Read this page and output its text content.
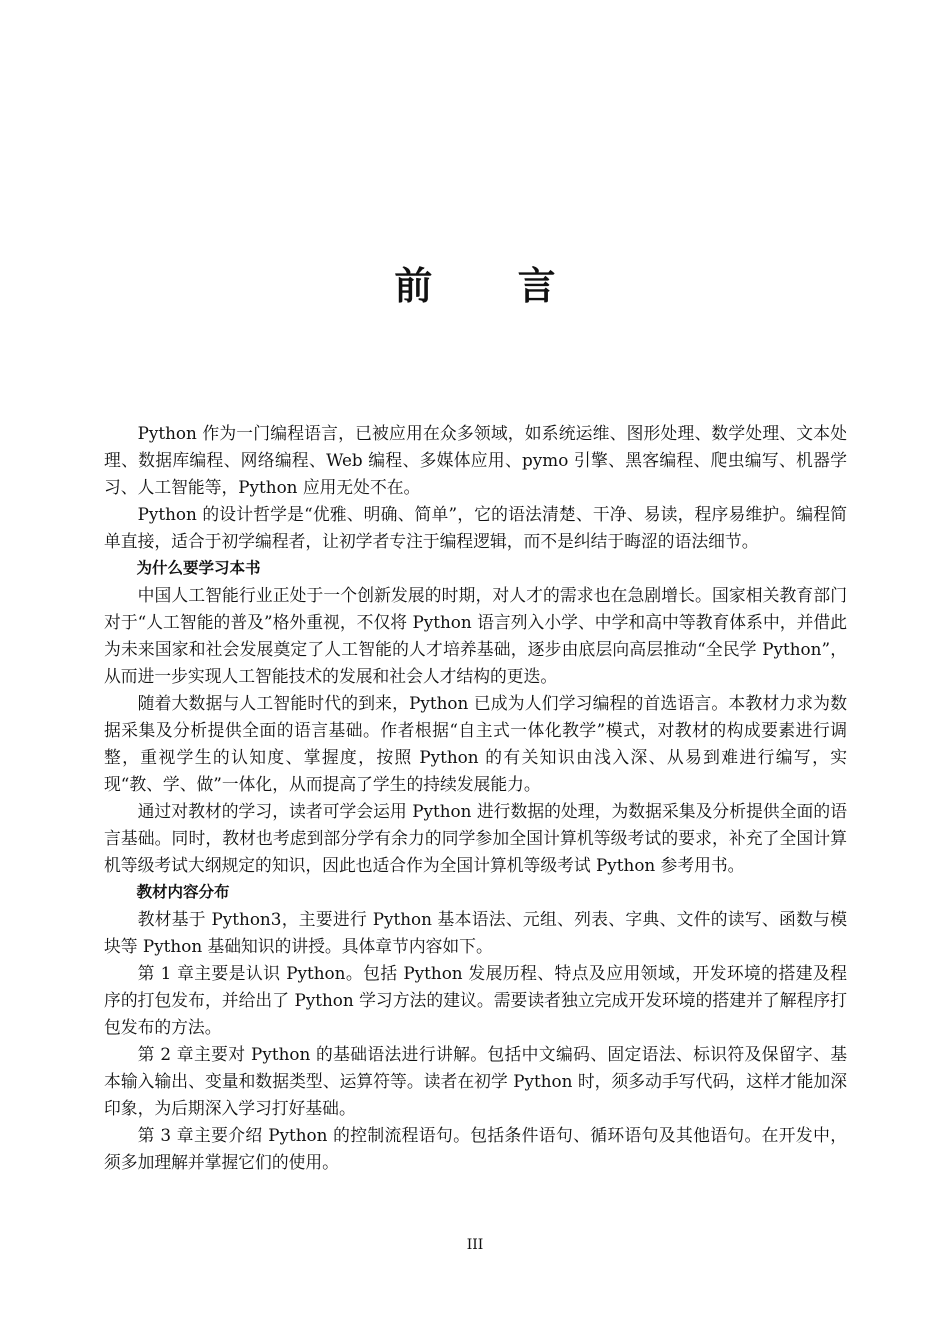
前 言

Python 作为一门编程语言，已被应用在众多领域，如系统运维、图形处理、数学处理、文本处理、数据库编程、网络编程、Web 编程、多媒体应用、pymo 引擎、黑客编程、爬虫编写、机器学习、人工智能等，Python 应用无处不在。

Python 的设计哲学是“优雅、明确、简单”，它的语法清楚、干净、易读，程序易维护。编程简单直接，适合于初学编程者，让初学者专注于编程逻辑，而不是纠结于晦涩的语法细节。

为什么要学习本书

中国人工智能行业正处于一个创新发展的时期，对人才的需求也在急剧增长。国家相关教育部门对于“人工智能的普及”格外重视，不仅将 Python 语言列入小学、中学和高中等教育体系中，并借此为未来国家和社会发展奠定了人工智能的人才培养基础，逐步由底层向高层推动“全民学 Python”，从而进一步实现人工智能技术的发展和社会人才结构的更迭。

随着大数据与人工智能时代的到来，Python 已成为人们学习编程的首选语言。本教材力求为数据采集及分析提供全面的语言基础。作者根据“自主式一体化教学”模式，对教材的构成要素进行调整，重视学生的认知度、掌握度，按照 Python 的有关知识由浅入深、从易到难进行编写，实现“教、学、做”一体化，从而提高了学生的持续发展能力。

通过对教材的学习，读者可学会运用 Python 进行数据的处理，为数据采集及分析提供全面的语言基础。同时，教材也考虑到部分学有余力的同学参加全国计算机等级考试的要求，补充了全国计算机等级考试大纲规定的知识，因此也适合作为全国计算机等级考试 Python 参考用书。

教材内容分布

教材基于 Python3，主要进行 Python 基本语法、元组、列表、字典、文件的读写、函数与模块等 Python 基础知识的讲授。具体章节内容如下。

第 1 章主要是认识 Python。包括 Python 发展历程、特点及应用领域，开发环境的搭建及程序的打包发布，并给出了 Python 学习方法的建议。需要读者独立完成开发环境的搭建并了解程序打包发布的方法。

第 2 章主要对 Python 的基础语法进行讲解。包括中文编码、固定语法、标识符及保留字、基本输入输出、变量和数据类型、运算符等。读者在初学 Python 时，须多动手写代码，这样才能加深印象，为后期深入学习打好基础。

第 3 章主要介绍 Python 的控制流程语句。包括条件语句、循环语句及其他语句。在开发中，须多加理解并掌握它们的使用。

III
